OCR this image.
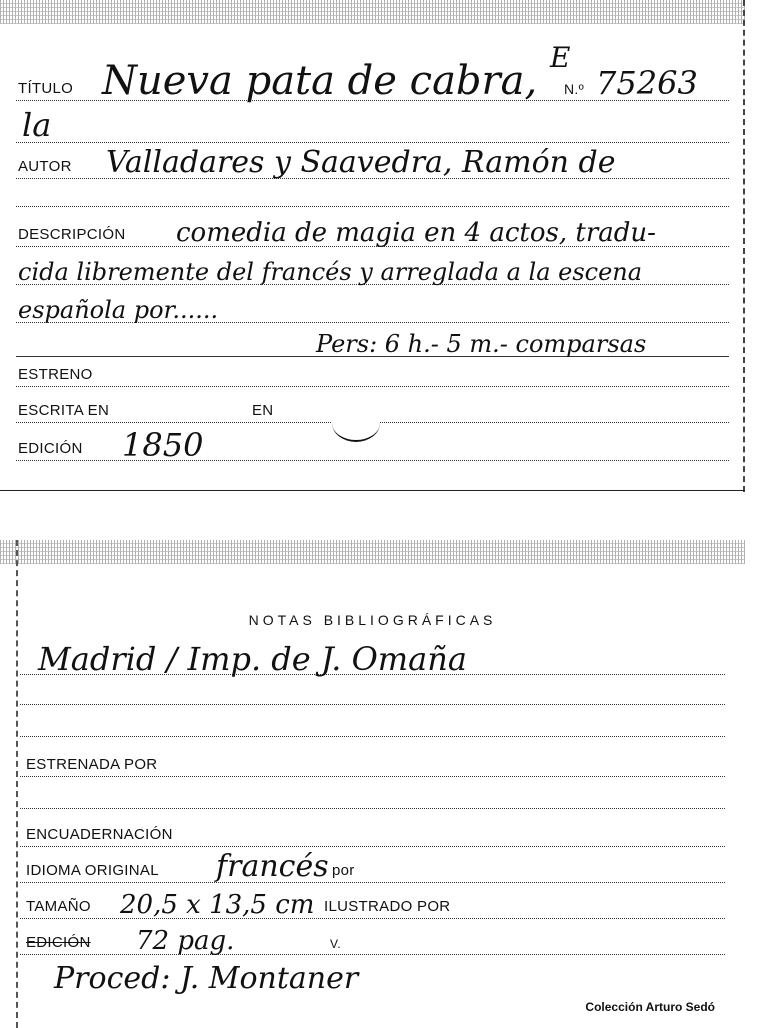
TÍTULO Nueva pata de cabra,
E
N.º 75263
la
AUTOR Valladares y Saavedra, Ramón de
DESCRIPCIÓN comedia de magia en 4 actos, tradu-
cida libremente del francés y arreglada a la escena
española por......
Pers: 6 h.- 5 m.- comparsas
ESTRENO
ESCRITA EN	EN
EDICIÓN 1850
NOTAS BIBLIOGRÁFICAS
Madrid / Imp. de J. Omaña
ESTRENADA POR
ENCUADERNACIÓN
IDIOMA ORIGINAL francés por
TAMAÑO 20,5 x 13,5 cm ILUSTRADO POR
EDICIÓN 72 pag.	V.
Proced: J. Montaner
Colección Arturo Sedó
